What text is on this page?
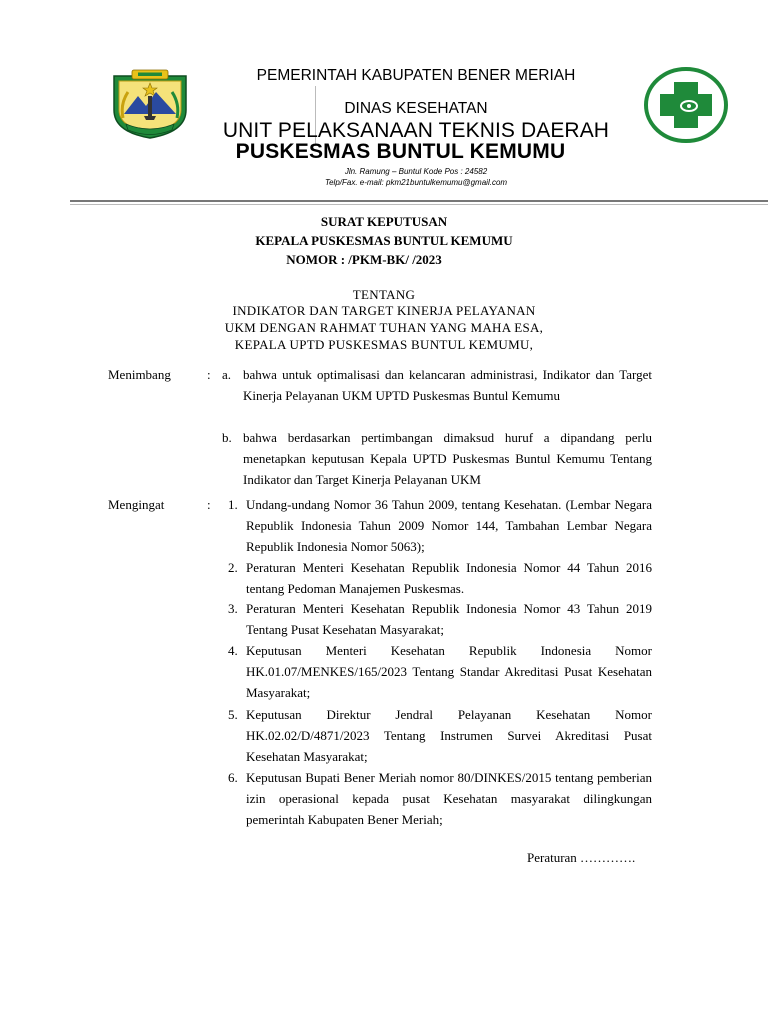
PEMERINTAH KABUPATEN BENER MERIAH
DINAS KESEHATAN
UNIT PELAKSANAAN TEKNIS DAERAH
PUSKESMAS BUNTUL KEMUMU
Jln. Ramung – Buntul Kode Pos : 24582
Telp/Fax. e-mail: pkm21buntulkemumu@gmail.com
SURAT KEPUTUSAN
KEPALA PUSKESMAS BUNTUL KEMUMU
NOMOR : /PKM-BK/ /2023
TENTANG
INDIKATOR DAN TARGET KINERJA PELAYANAN
UKM DENGAN RAHMAT TUHAN YANG MAHA ESA,
KEPALA UPTD PUSKESMAS BUNTUL KEMUMU,
Menimbang	: a. bahwa untuk optimalisasi dan kelancaran administrasi, Indikator dan Target Kinerja Pelayanan UKM UPTD Puskesmas Buntul Kemumu
b. bahwa berdasarkan pertimbangan dimaksud huruf a dipandang perlu menetapkan keputusan Kepala UPTD Puskesmas Buntul Kemumu Tentang Indikator dan Target Kinerja Pelayanan UKM
Mengingat	: 1. Undang-undang Nomor 36 Tahun 2009, tentang Kesehatan. (Lembar Negara Republik Indonesia Tahun 2009 Nomor 144, Tambahan Lembar Negara Republik Indonesia Nomor 5063);
2. Peraturan Menteri Kesehatan Republik Indonesia Nomor 44 Tahun 2016 tentang Pedoman Manajemen Puskesmas.
3. Peraturan Menteri Kesehatan Republik Indonesia Nomor 43 Tahun 2019 Tentang Pusat Kesehatan Masyarakat;
4. Keputusan Menteri Kesehatan Republik Indonesia Nomor HK.01.07/MENKES/165/2023 Tentang Standar Akreditasi Pusat Kesehatan Masyarakat;
5. Keputusan Direktur Jendral Pelayanan Kesehatan Nomor HK.02.02/D/4871/2023 Tentang Instrumen Survei Akreditasi Pusat Kesehatan Masyarakat;
6. Keputusan Bupati Bener Meriah nomor 80/DINKES/2015 tentang pemberian izin operasional kepada pusat Kesehatan masyarakat dilingkungan pemerintah Kabupaten Bener Meriah;
Peraturan ………….
